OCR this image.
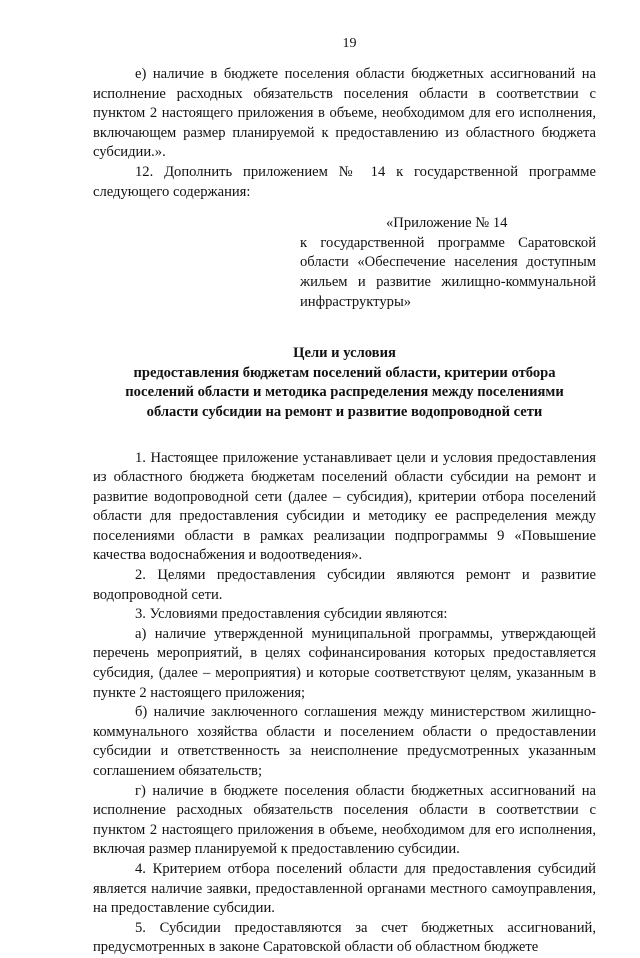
19

е) наличие в бюджете поселения области бюджетных ассигнований на исполнение расходных обязательств поселения области в соответствии с пунктом 2 настоящего приложения в объеме, необходимом для его исполнения, включающем размер планируемой к предоставлению из областного бюджета субсидии.».

12. Дополнить приложением № 14 к государственной программе следующего содержания:

«Приложение № 14
к государственной программе Саратовской области «Обеспечение населения доступным жильем и развитие жилищно-коммунальной инфраструктуры»
Цели и условия
предоставления бюджетам поселений области, критерии отбора
поселений области и методика распределения между поселениями
области субсидии на ремонт и развитие водопроводной сети

1. Настоящее приложение устанавливает цели и условия предоставления из областного бюджета бюджетам поселений области субсидии на ремонт и развитие водопроводной сети (далее – субсидия), критерии отбора поселений области для предоставления субсидии и методику ее распределения между поселениями области в рамках реализации подпрограммы 9 «Повышение качества водоснабжения и водоотведения».

2. Целями предоставления субсидии являются ремонт и развитие водопроводной сети.

3. Условиями предоставления субсидии являются:

а) наличие утвержденной муниципальной программы, утверждающей перечень мероприятий, в целях софинансирования которых предоставляется субсидия, (далее – мероприятия) и которые соответствуют целям, указанным в пункте 2 настоящего приложения;

б) наличие заключенного соглашения между министерством жилищно-коммунального хозяйства области и поселением области о предоставлении субсидии и ответственность за неисполнение предусмотренных указанным соглашением обязательств;

г) наличие в бюджете поселения области бюджетных ассигнований на исполнение расходных обязательств поселения области в соответствии с пунктом 2 настоящего приложения в объеме, необходимом для его исполнения, включая размер планируемой к предоставлению субсидии.

4. Критерием отбора поселений области для предоставления субсидий является наличие заявки, предоставленной органами местного самоуправления, на предоставление субсидии.

5. Субсидии предоставляются за счет бюджетных ассигнований, предусмотренных в законе Саратовской области об областном бюджете
